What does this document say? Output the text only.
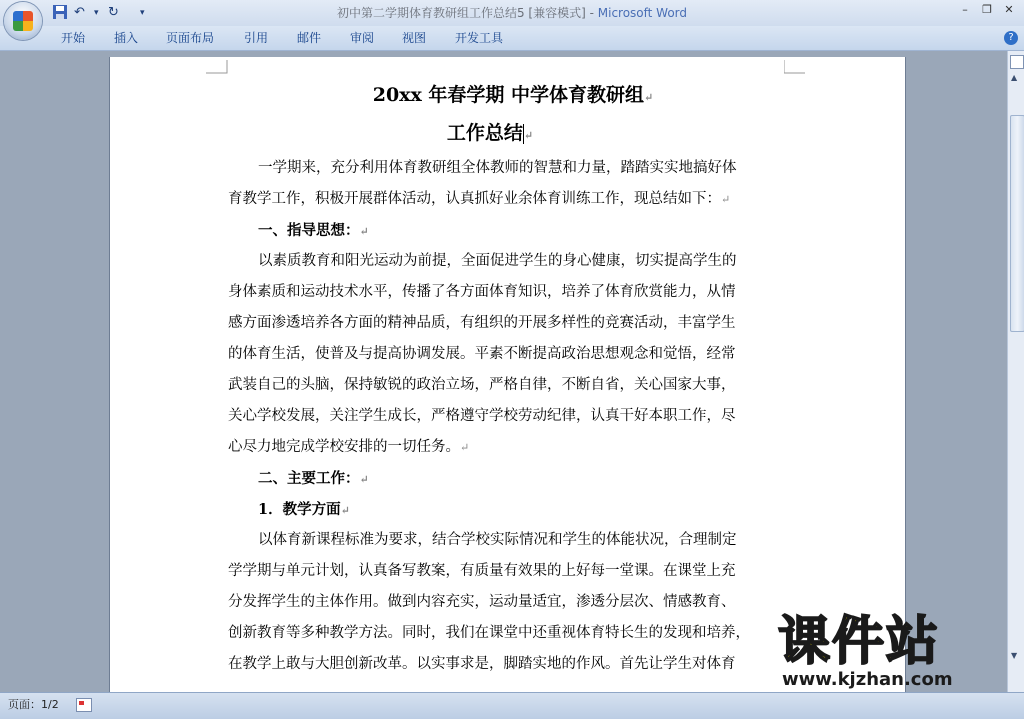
初中第二学期体育教研组工作总结5 [兼容模式] - Microsoft Word
↶ ▾ ↻ ▾	–	❐	✕
开始 插入 页面布局 引用 邮件 审阅 视图 开发工具	?

20xx 年春学期 中学体育教研组↵

工作总结↵

一学期来，充分利用体育教研组全体教师的智慧和力量，踏踏实实地搞好体

育教学工作，积极开展群体活动，认真抓好业余体育训练工作，现总结如下：↵

一、指导思想：↵

以素质教育和阳光运动为前提，全面促进学生的身心健康，切实提高学生的

身体素质和运动技术水平，传播了各方面体育知识，培养了体育欣赏能力，从情

感方面渗透培养各方面的精神品质，有组织的开展多样性的竞赛活动，丰富学生

的体育生活，使普及与提高协调发展。平素不断提高政治思想观念和觉悟，经常

武装自己的头脑，保持敏锐的政治立场，严格自律，不断自省，关心国家大事，

关心学校发展，关注学生成长，严格遵守学校劳动纪律，认真干好本职工作，尽

心尽力地完成学校安排的一切任务。↵

二、主要工作：↵

1．教学方面↵

以体育新课程标准为要求，结合学校实际情况和学生的体能状况，合理制定

学学期与单元计划，认真备写教案，有质量有效果的上好每一堂课。在课堂上充

分发挥学生的主体作用。做到内容充实，运动量适宜，渗透分层次、情感教育、

创新教育等多种教学方法。同时，我们在课堂中还重视体育特长生的发现和培养，

在教学上敢与大胆创新改革。以实事求是，脚踏实地的作风。首先让学生对体育

▲
▼
页面：1/2
课件站
www.kjzhan.com
